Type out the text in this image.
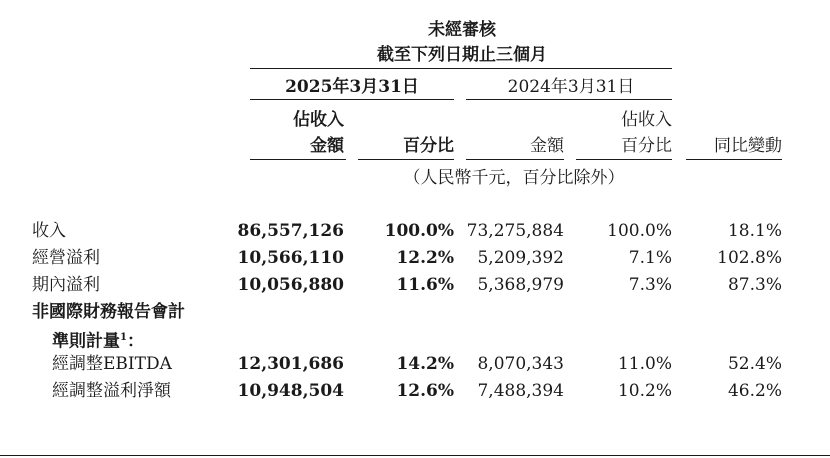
未經審核
截至下列日期止三個月
2025年3月31日	2024年3月31日
佔收入	佔收入
金額	百分比	金額	百分比 同比變動
（人民幣千元，百分比除外）
收入	86,557,126 100.0% 73,275,884	100.0%	18.1%
經營溢利	10,566,110	12.2% 5,209,392	7.1%	102.8%
期內溢利	10,056,880	11.6% 5,368,979	7.3%	87.3%
非國際財務報告會計
準則計量$^1$：
經調整EBITDA	12,301,686	14.2% 8,070,343	11.0%	52.4%
經調整溢利淨額	10,948,504	12.6% 7,488,394	10.2%	46.2%
